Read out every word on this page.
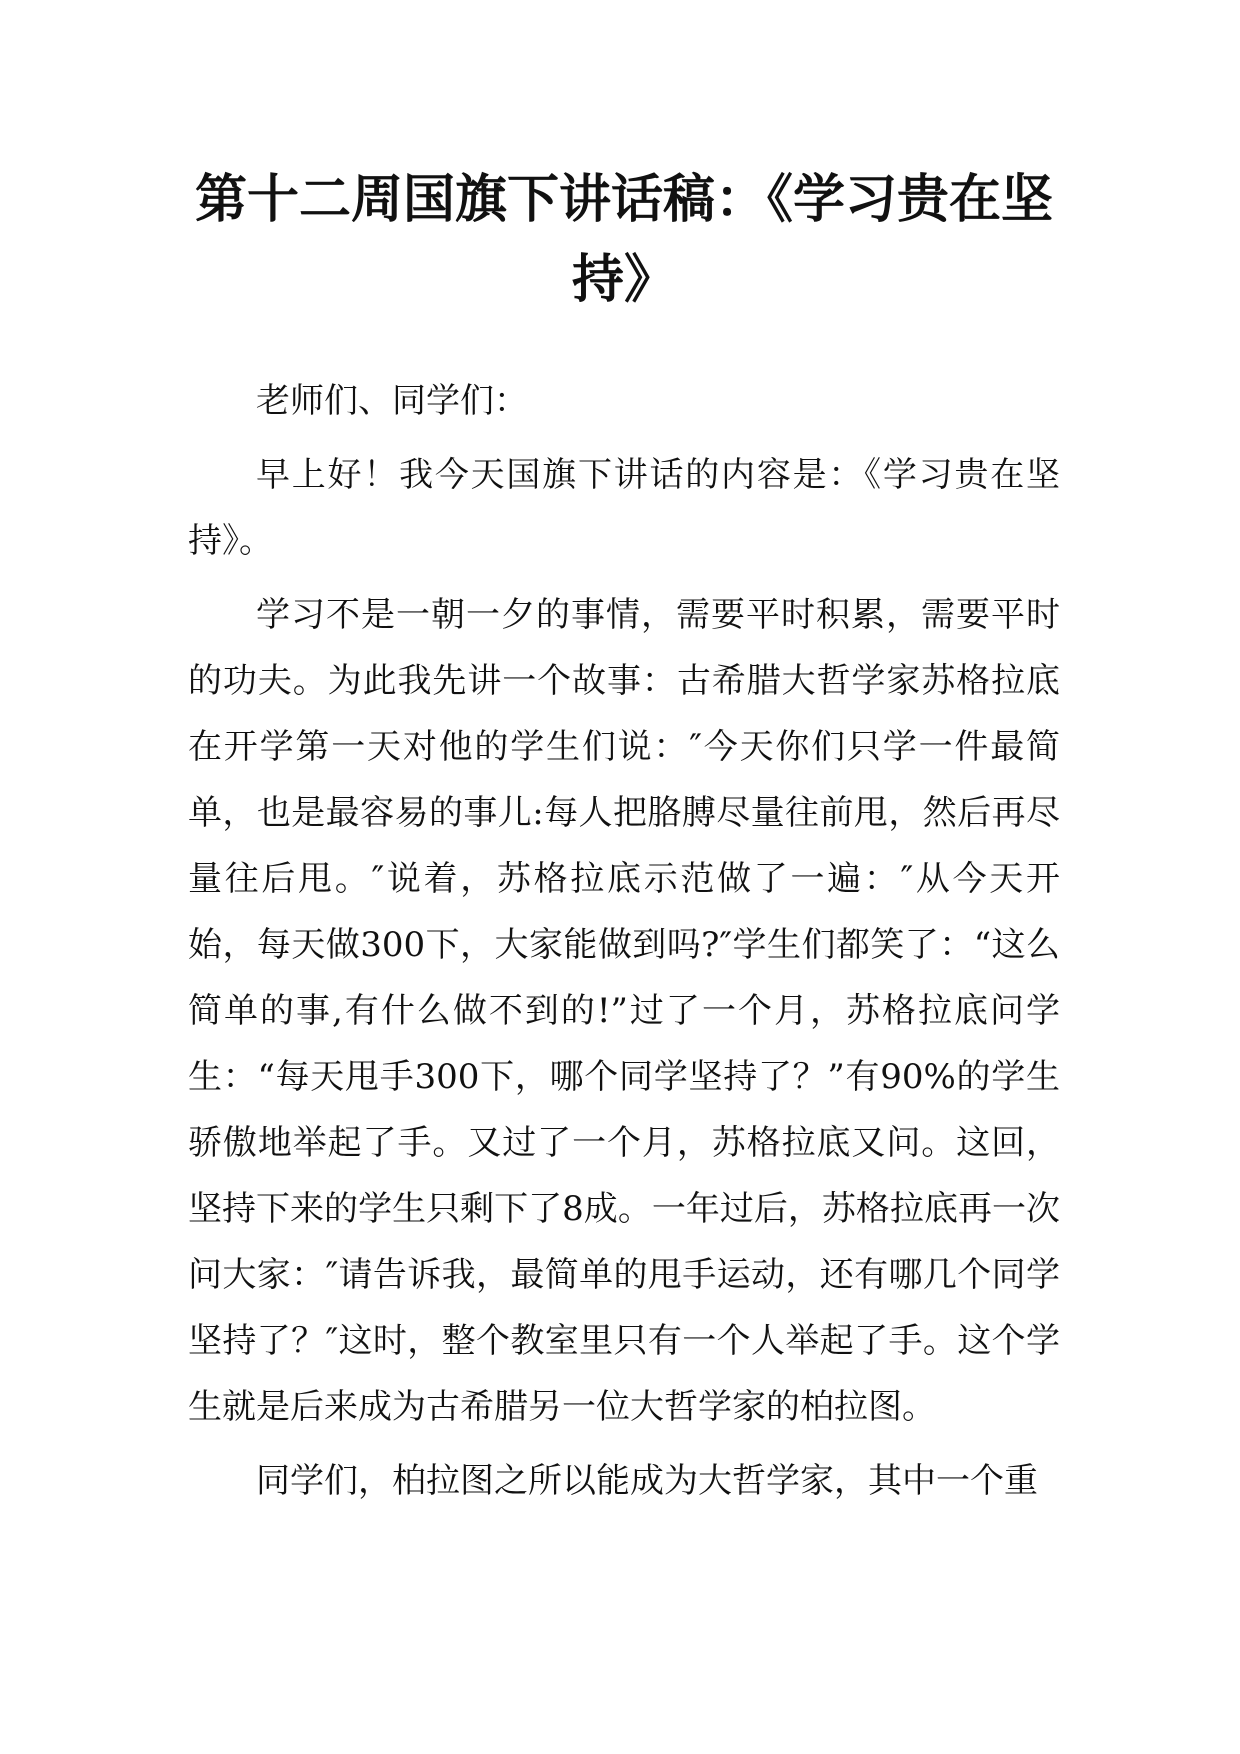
第十二周国旗下讲话稿：《学习贵在坚持》

老师们、同学们：

早上好！我今天国旗下讲话的内容是：《学习贵在坚持》。

学习不是一朝一夕的事情，需要平时积累，需要平时的功夫。为此我先讲一个故事：古希腊大哲学家苏格拉底在开学第一天对他的学生们说：″今天你们只学一件最简单，也是最容易的事儿:每人把胳膊尽量往前甩，然后再尽量往后甩。″说着，苏格拉底示范做了一遍：″从今天开始，每天做300下，大家能做到吗?″学生们都笑了：“这么简单的事,有什么做不到的!”过了一个月，苏格拉底问学生：“每天甩手300下，哪个同学坚持了？”有90%的学生骄傲地举起了手。又过了一个月，苏格拉底又问。这回，坚持下来的学生只剩下了8成。一年过后，苏格拉底再一次问大家：″请告诉我，最简单的甩手运动，还有哪几个同学坚持了？″这时，整个教室里只有一个人举起了手。这个学生就是后来成为古希腊另一位大哲学家的柏拉图。

同学们，柏拉图之所以能成为大哲学家，其中一个重
